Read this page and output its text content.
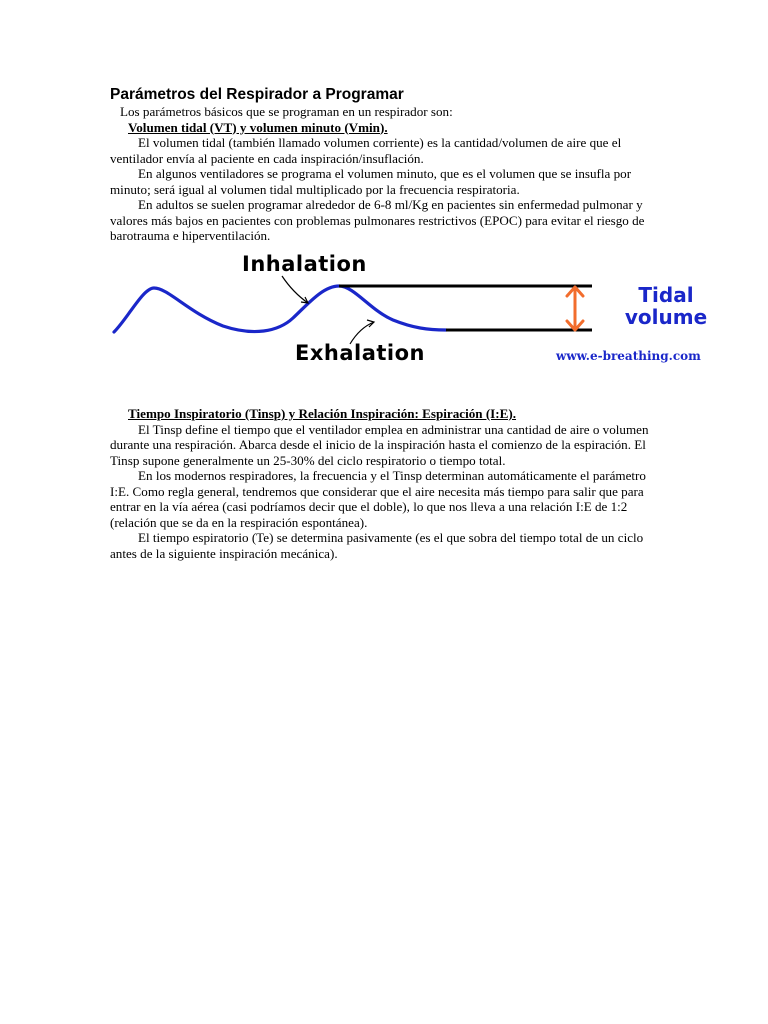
Parámetros del Respirador a Programar

Los parámetros básicos que se programan en un respirador son:

Volumen tidal (VT) y volumen minuto (Vmin).

El volumen tidal (también llamado volumen corriente) es la cantidad/volumen de aire que el ventilador envía al paciente en cada inspiración/insuflación.

En algunos ventiladores se programa el volumen minuto, que es el volumen que se insufla por minuto; será igual al volumen tidal multiplicado por la frecuencia respiratoria.

En adultos se suelen programar alrededor de 6-8 ml/Kg en pacientes sin enfermedad pulmonar y valores más bajos en pacientes con problemas pulmonares restrictivos (EPOC) para evitar el riesgo de barotrauma e hiperventilación.

Inhalation
Exhalation
Tidal
volume
www.e-breathing.com

Tiempo Inspiratorio (Tinsp) y Relación Inspiración: Espiración (I:E).

El Tinsp define el tiempo que el ventilador emplea en administrar una cantidad de aire o volumen durante una respiración. Abarca desde el inicio de la inspiración hasta el comienzo de la espiración. El Tinsp supone generalmente un 25-30% del ciclo respiratorio o tiempo total.

En los modernos respiradores, la frecuencia y el Tinsp determinan automáticamente el parámetro I:E. Como regla general, tendremos que considerar que el aire necesita más tiempo para salir que para entrar en la vía aérea (casi podríamos decir que el doble), lo que nos lleva a una relación I:E de 1:2 (relación que se da en la respiración espontánea).

El tiempo espiratorio (Te) se determina pasivamente (es el que sobra del tiempo total de un ciclo antes de la siguiente inspiración mecánica).
